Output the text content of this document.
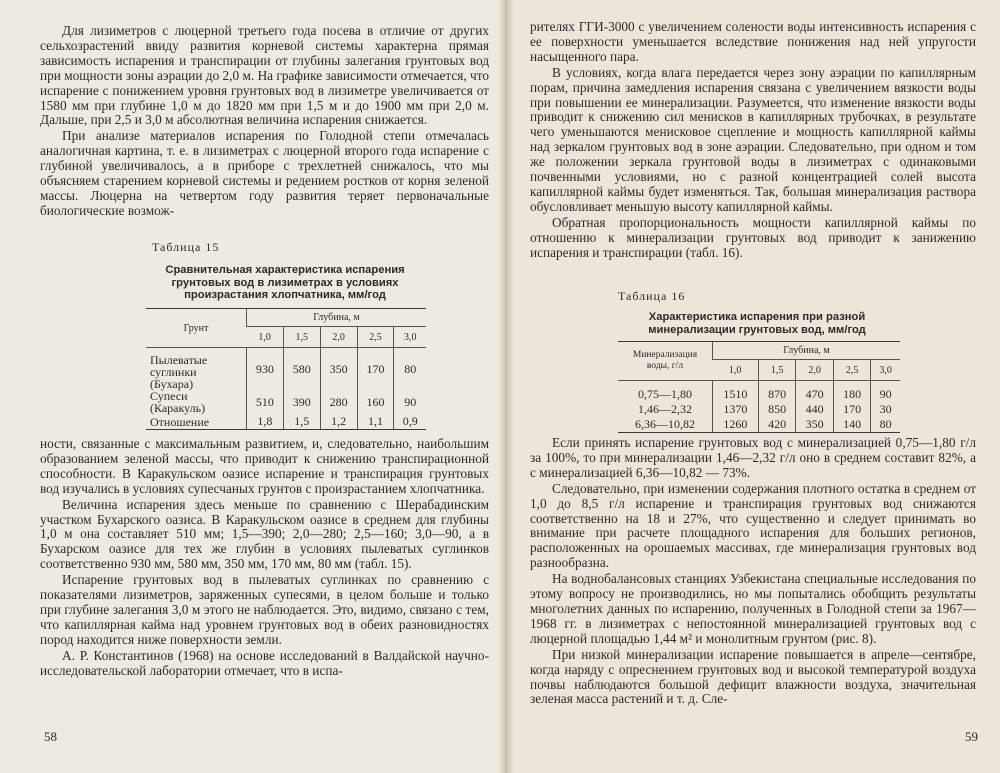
Для лизиметров с люцерной третьего года посева в отличие от других сельхозрастений ввиду развития корневой системы характерна прямая зависимость испарения и транспирации от глубины залегания грунтовых вод при мощности зоны аэрации до 2,0 м. На графике зависимости отмечается, что испарение с понижением уровня грунтовых вод в лизиметре увеличивается от 1580 мм при глубине 1,0 м до 1820 мм при 1,5 м и до 1900 мм при 2,0 м. Дальше, при 2,5 и 3,0 м абсолютная величина испарения снижается.

При анализе материалов испарения по Голодной степи отмечалась аналогичная картина, т. е. в лизиметрах с люцерной второго года испарение с глубиной увеличивалось, а в приборе с трехлетней снижалось, что мы объясняем старением корневой системы и редением ростков от корня зеленой массы. Люцерна на четвертом году развития теряет первоначальные биологические возмож-

Таблица 15
Сравнительная характеристика испарения грунтовых вод в лизиметрах в условиях произрастания хлопчатника, мм/год
Грунт	Глубина, м				
	1,0	1,5	2,0	2,5	3,0
Пылеватые суглинки (Бухара)	930	580	350	170	80
Супеси (Каракуль)	510	390	280	160	90
Отношение	1,8	1,5	1,2	1,1	0,9

ности, связанные с максимальным развитием, и, следовательно, наибольшим образованием зеленой массы, что приводит к снижению транспирационной способности. В Каракульском оазисе испарение и транспирация грунтовых вод изучались в условиях супесчаных грунтов с произрастанием хлопчатника.

Величина испарения здесь меньше по сравнению с Шерабадинским участком Бухарского оазиса. В Каракульском оазисе в среднем для глубины 1,0 м она составляет 510 мм; 1,5—390; 2,0—280; 2,5—160; 3,0—90, а в Бухарском оазисе для тех же глубин в условиях пылеватых суглинков соответственно 930 мм, 580 мм, 350 мм, 170 мм, 80 мм (табл. 15).

Испарение грунтовых вод в пылеватых суглинках по сравнению с показателями лизиметров, заряженных супесями, в целом больше и только при глубине залегания 3,0 м этого не наблюдается. Это, видимо, связано с тем, что капиллярная кайма над уровнем грунтовых вод в обеих разновидностях пород находится ниже поверхности земли.

А. Р. Константинов (1968) на основе исследований в Валдайской научно-исследовательской лаборатории отмечает, что в испа-

58

рителях ГГИ-3000 с увеличением солености воды интенсивность испарения с ее поверхности уменьшается вследствие понижения над ней упругости насыщенного пара.

В условиях, когда влага передается через зону аэрации по капиллярным порам, причина замедления испарения связана с увеличением вязкости воды при повышении ее минерализации. Разумеется, что изменение вязкости воды приводит к снижению сил менисков в капиллярных трубочках, в результате чего уменьшаются менисковое сцепление и мощность капиллярной каймы над зеркалом грунтовых вод в зоне аэрации. Следовательно, при одном и том же положении зеркала грунтовой воды в лизиметрах с одинаковыми почвенными условиями, но с разной концентрацией солей высота капиллярной каймы будет изменяться. Так, большая минерализация раствора обусловливает меньшую высоту капиллярной каймы.

Обратная пропорциональность мощности капиллярной каймы по отношению к минерализации грунтовых вод приводит к занижению испарения и транспирации (табл. 16).

Таблица 16
Характеристика испарения при разной минерализации грунтовых вод, мм/год
Минерализация воды, г/л	Глубина, м				
	1,0	1,5	2,0	2,5	3,0
0,75—1,80	1510	870	470	180	90
1,46—2,32	1370	850	440	170	30
6,36—10,82	1260	420	350	140	80

Если принять испарение грунтовых вод с минерализацией 0,75—1,80 г/л за 100%, то при минерализации 1,46—2,32 г/л оно в среднем составит 82%, а с минерализацией 6,36—10,82 — 73%.

Следовательно, при изменении содержания плотного остатка в среднем от 1,0 до 8,5 г/л испарение и транспирация грунтовых вод снижаются соответственно на 18 и 27%, что существенно и следует принимать во внимание при расчете площадного испарения для больших регионов, расположенных на орошаемых массивах, где минерализация грунтовых вод разнообразна.

На воднобалансовых станциях Узбекистана специальные исследования по этому вопросу не производились, но мы попытались обобщить результаты многолетних данных по испарению, полученных в Голодной степи за 1967—1968 гг. в лизиметрах с непостоянной минерализацией грунтовых вод с люцерной площадью 1,44 м² и монолитным грунтом (рис. 8).

При низкой минерализации испарение повышается в апреле—сентябре, когда наряду с опреснением грунтовых вод и высокой температурой воздуха почвы наблюдаются большой дефицит влажности воздуха, значительная зеленая масса растений и т. д. Сле-

59
